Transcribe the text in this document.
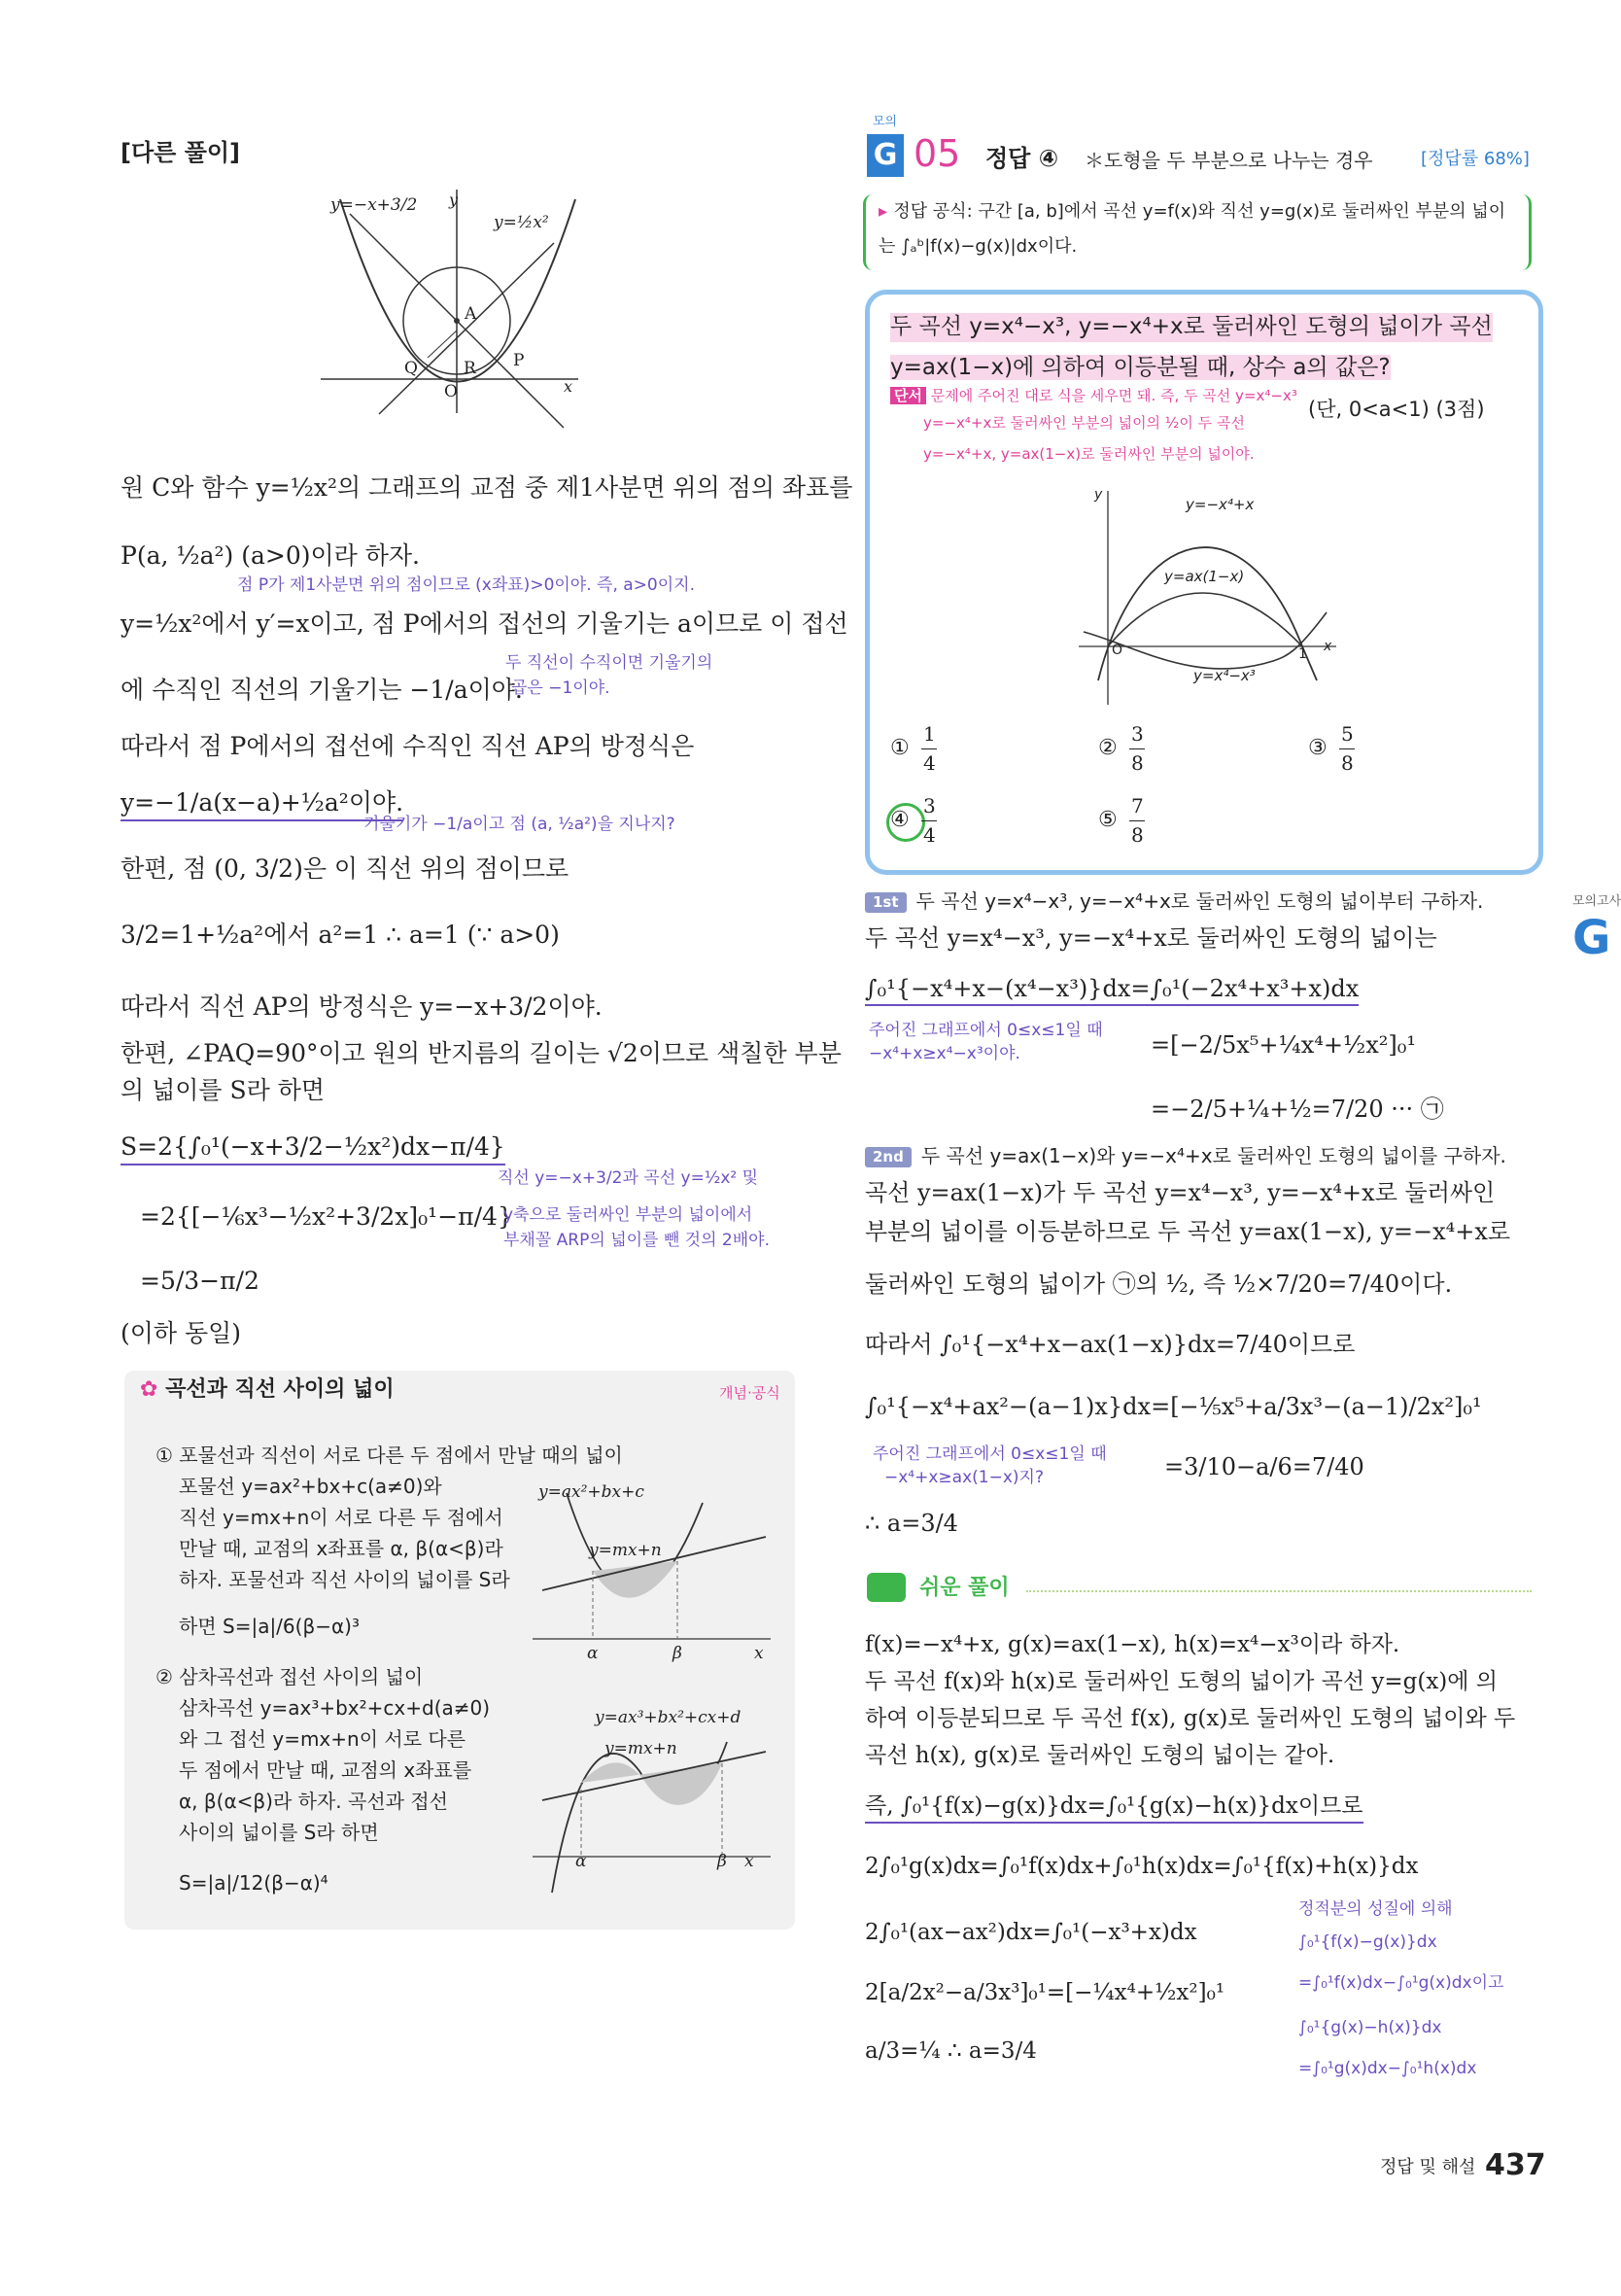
[다른 풀이]
y=−x+3/2
y=½x²
y
x
A
Q	R P
O
원 C와 함수 y=½x²의 그래프의 교점 중 제1사분면 위의 점의 좌표를
P(a, ½a²) (a>0)이라 하자.
점 P가 제1사분면 위의 점이므로 (x좌표)>0이야. 즉, a>0이지.
y=½x²에서 y′=x이고, 점 P에서의 접선의 기울기는 a이므로 이 접선
에 수직인 직선의 기울기는 −1/a이야.
두 직선이 수직이면 기울기의
곱은 −1이야.
따라서 점 P에서의 접선에 수직인 직선 AP의 방정식은
y=−1/a(x−a)+½a²이야.
기울기가 −1/a이고 점 (a, ½a²)을 지나지?
한편, 점 (0, 3/2)은 이 직선 위의 점이므로
3/2=1+½a²에서 a²=1 ∴ a=1 (∵ a>0)
따라서 직선 AP의 방정식은 y=−x+3/2이야.
한편, ∠PAQ=90°이고 원의 반지름의 길이는 √2이므로 색칠한 부분
의 넓이를 S라 하면
S=2{∫₀¹(−x+3/2−½x²)dx−π/4}
=2{[−⅙x³−½x²+3/2x]₀¹−π/4}
직선 y=−x+3/2과 곡선 y=½x² 및
y축으로 둘러싸인 부분의 넓이에서
부채꼴 ARP의 넓이를 뺀 것의 2배야.
=5/3−π/2
(이하 동일)
✿ 곡선과 직선 사이의 넓이	개념·공식
① 포물선과 직선이 서로 다른 두 점에서 만날 때의 넓이
포물선 y=ax²+bx+c(a≠0)와
직선 y=mx+n이 서로 다른 두 점에서
만날 때, 교점의 x좌표를 α, β(α<β)라
하자. 포물선과 직선 사이의 넓이를 S라
하면 S=|a|/6(β−α)³
② 삼차곡선과 접선 사이의 넓이
삼차곡선 y=ax³+bx²+cx+d(a≠0)
와 그 접선 y=mx+n이 서로 다른
두 점에서 만날 때, 교점의 x좌표를
α, β(α<β)라 하자. 곡선과 접선
사이의 넓이를 S라 하면
S=|a|/12(β−α)⁴
y=ax²+bx+c
y=mx+n
α	β	x
y=ax³+bx²+cx+d
y=mx+n
α	β x
모의
G 05 정답 ④ ＊도형을 두 부분으로 나누는 경우	[정답률 68%]
▸ 정답 공식: 구간 [a, b]에서 곡선 y=f(x)와 직선 y=g(x)로 둘러싸인 부분의 넓이
는 ∫ₐᵇ|f(x)−g(x)|dx이다.
두 곡선 y=x⁴−x³, y=−x⁴+x로 둘러싸인 도형의 넓이가 곡선
y=ax(1−x)에 의하여 이등분될 때, 상수 a의 값은?
단서 문제에 주어진 대로 식을 세우면 돼. 즉, 두 곡선 y=x⁴−x³
y=−x⁴+x로 둘러싸인 부분의 넓이의 ½이 두 곡선
y=−x⁴+x, y=ax(1−x)로 둘러싸인 부분의 넓이야.
(단, 0<a<1) (3점)
y=−x⁴+x
y=ax(1−x)
y=x⁴−x³
y
x
O	1
①
1
4
②
3
8
③
5
8
④
3
4
⑤
7
8
1st 두 곡선 y=x⁴−x³, y=−x⁴+x로 둘러싸인 도형의 넓이부터 구하자.
두 곡선 y=x⁴−x³, y=−x⁴+x로 둘러싸인 도형의 넓이는
∫₀¹{−x⁴+x−(x⁴−x³)}dx=∫₀¹(−2x⁴+x³+x)dx
주어진 그래프에서 0≤x≤1일 때
−x⁴+x≥x⁴−x³이야.	=[−2/5x⁵+¼x⁴+½x²]₀¹
=−2/5+¼+½=7/20 ··· ㉠
2nd 두 곡선 y=ax(1−x)와 y=−x⁴+x로 둘러싸인 도형의 넓이를 구하자.
곡선 y=ax(1−x)가 두 곡선 y=x⁴−x³, y=−x⁴+x로 둘러싸인
부분의 넓이를 이등분하므로 두 곡선 y=ax(1−x), y=−x⁴+x로
둘러싸인 도형의 넓이가 ㉠의 ½, 즉 ½×7/20=7/40이다.
따라서 ∫₀¹{−x⁴+x−ax(1−x)}dx=7/40이므로
∫₀¹{−x⁴+ax²−(a−1)x}dx=[−⅕x⁵+a/3x³−(a−1)/2x²]₀¹
주어진 그래프에서 0≤x≤1일 때
−x⁴+x≥ax(1−x)지?	=3/10−a/6=7/40
∴ a=3/4
쉬운 풀이
f(x)=−x⁴+x, g(x)=ax(1−x), h(x)=x⁴−x³이라 하자.
두 곡선 f(x)와 h(x)로 둘러싸인 도형의 넓이가 곡선 y=g(x)에 의
하여 이등분되므로 두 곡선 f(x), g(x)로 둘러싸인 도형의 넓이와 두
곡선 h(x), g(x)로 둘러싸인 도형의 넓이는 같아.
즉, ∫₀¹{f(x)−g(x)}dx=∫₀¹{g(x)−h(x)}dx이므로
2∫₀¹g(x)dx=∫₀¹f(x)dx+∫₀¹h(x)dx=∫₀¹{f(x)+h(x)}dx
2∫₀¹(ax−ax²)dx=∫₀¹(−x³+x)dx
2[a/2x²−a/3x³]₀¹=[−¼x⁴+½x²]₀¹
a/3=¼ ∴ a=3/4
정적분의 성질에 의해
∫₀¹{f(x)−g(x)}dx
=∫₀¹f(x)dx−∫₀¹g(x)dx이고
∫₀¹{g(x)−h(x)}dx
=∫₀¹g(x)dx−∫₀¹h(x)dx
모의고사
G
정답 및 해설 437
